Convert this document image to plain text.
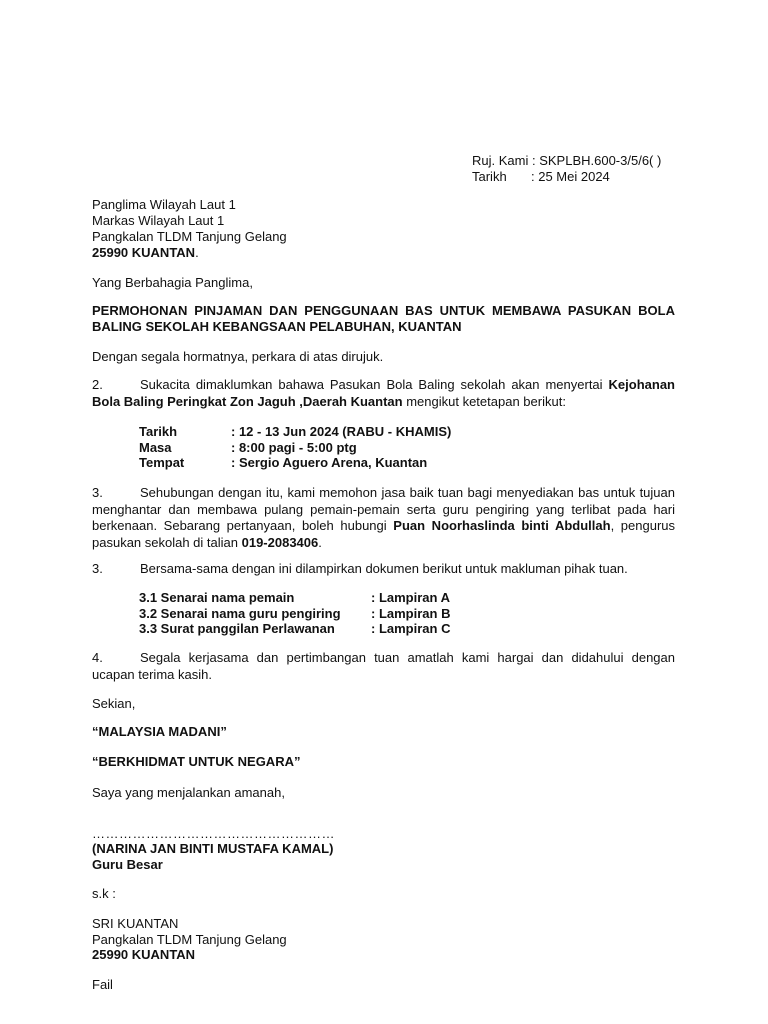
Ruj. Kami : SKPLBH.600-3/5/6( )
Tarikh : 25 Mei 2024
Panglima Wilayah Laut 1
Markas Wilayah Laut 1
Pangkalan TLDM Tanjung Gelang
25990 KUANTAN.
Yang Berbahagia Panglima,
PERMOHONAN PINJAMAN DAN PENGGUNAAN BAS UNTUK MEMBAWA PASUKAN BOLA BALING SEKOLAH KEBANGSAAN PELABUHAN, KUANTAN
Dengan segala hormatnya, perkara di atas dirujuk.
2.	Sukacita dimaklumkan bahawa Pasukan Bola Baling sekolah akan menyertai Kejohanan Bola Baling Peringkat Zon Jaguh ,Daerah Kuantan mengikut ketetapan berikut:
Tarikh	: 12 - 13 Jun 2024 (RABU - KHAMIS)
Masa	: 8:00 pagi - 5:00 ptg
Tempat	: Sergio Aguero Arena, Kuantan
3.	Sehubungan dengan itu, kami memohon jasa baik tuan bagi menyediakan bas untuk tujuan menghantar dan membawa pulang pemain-pemain serta guru pengiring yang terlibat pada hari berkenaan. Sebarang pertanyaan, boleh hubungi Puan Noorhaslinda binti Abdullah, pengurus pasukan sekolah di talian 019-2083406.
3.	Bersama-sama dengan ini dilampirkan dokumen berikut untuk makluman pihak tuan.
3.1 Senarai nama pemain	: Lampiran A
3.2 Senarai nama guru pengiring	: Lampiran B
3.3 Surat panggilan Perlawanan	: Lampiran C
4.	Segala kerjasama dan pertimbangan tuan amatlah kami hargai dan didahului dengan ucapan terima kasih.
Sekian,
“MALAYSIA MADANI”
“BERKHIDMAT UNTUK NEGARA”
Saya yang menjalankan amanah,
………………………………………………
(NARINA JAN BINTI MUSTAFA KAMAL)
Guru Besar
s.k :
SRI KUANTAN
Pangkalan TLDM Tanjung Gelang
25990 KUANTAN
Fail
